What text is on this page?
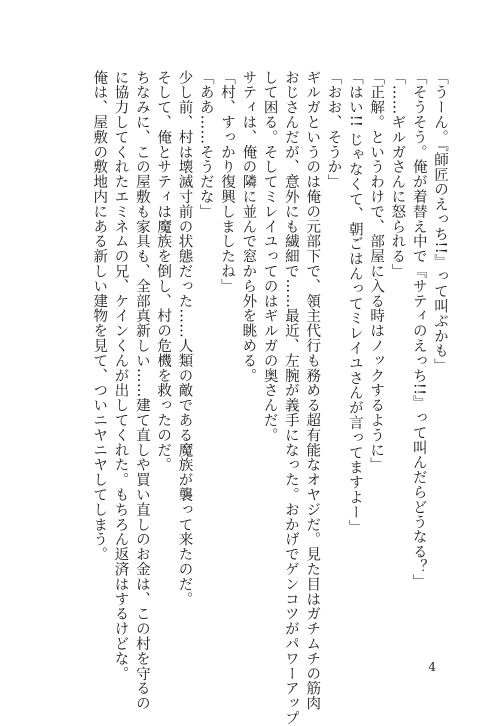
「うーん。『師匠のえっち!!』って叫ぶかも」
「そうそう。俺が着替え中で『サティのえっち!!』って叫んだらどうなる？」
「……ギルガさんに怒られる」
「正解。というわけで、部屋に入る時はノックするように」
「はい!! じゃなくて、朝ごはんってミレイユさんが言ってますよー」
「おお、そうか」
ギルガというのは俺の元部下で、領主代行も務める超有能なオヤジだ。見た目はガチムチの筋肉
おじさんだが、意外にも繊細で……最近、左腕が義手になった。おかげでゲンコツがパワーアップ
して困る。そしてミレイユってのはギルガの奥さんだ。
サティは、俺の隣に並んで窓から外を眺める。
「村、すっかり復興しましたね」
「ああ……そうだな」
少し前、村は壊滅寸前の状態だった……人類の敵である魔族が襲って来たのだ。
そして、俺とサティは魔族を倒し、村の危機を救ったのだ。
ちなみに、この屋敷も家具も、全部真新しい……建て直しや買い直しのお金は、この村を守るの
に協力してくれたエミネムの兄、ケインくんが出してくれた。もちろん返済はするけどな。
俺は、屋敷の敷地内にある新しい建物を見て、ついニヤニヤしてしまう。
4
